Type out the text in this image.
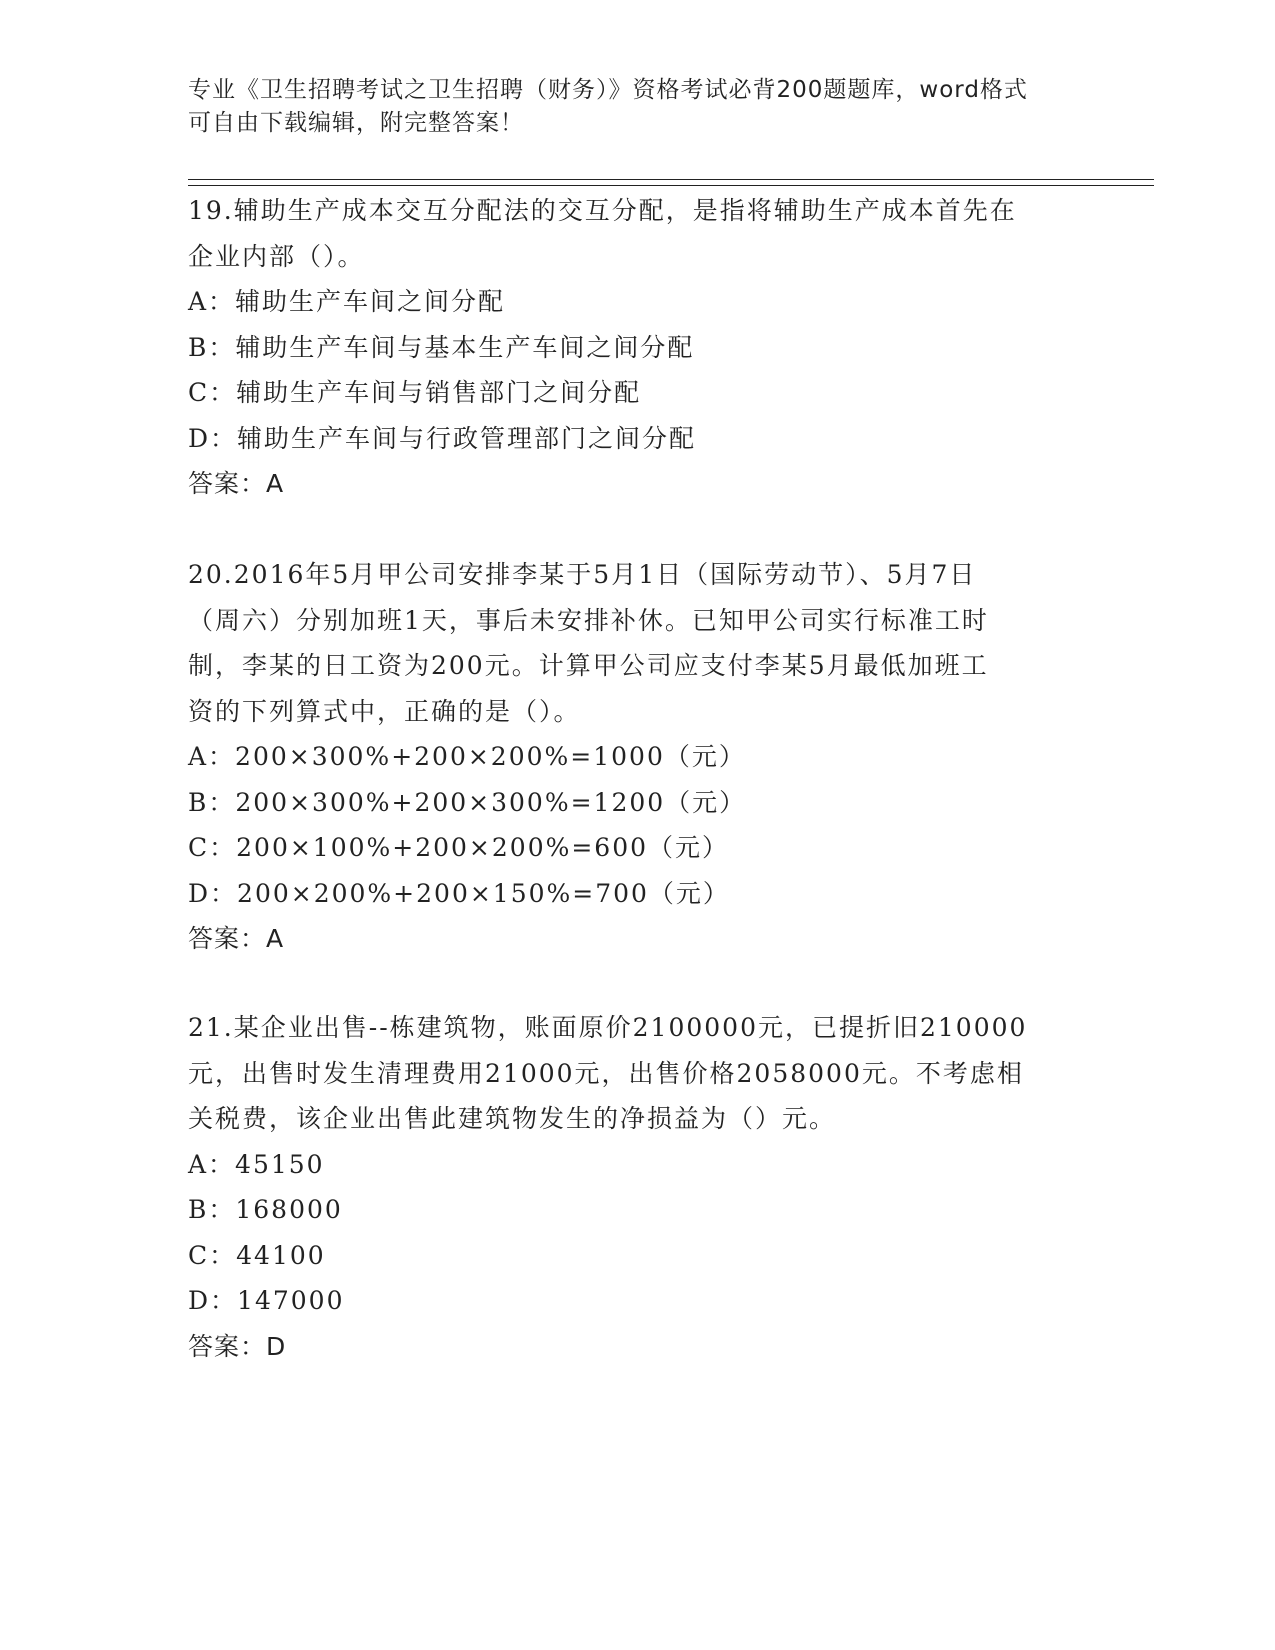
专业《卫生招聘考试之卫生招聘（财务）》资格考试必背200题题库，word格式
可自由下载编辑，附完整答案！
19.辅助生产成本交互分配法的交互分配，是指将辅助生产成本首先在
企业内部（）。
A：辅助生产车间之间分配
B：辅助生产车间与基本生产车间之间分配
C：辅助生产车间与销售部门之间分配
D：辅助生产车间与行政管理部门之间分配
答案：A
20.2016年5月甲公司安排李某于5月1日（国际劳动节）、5月7日
（周六）分别加班1天，事后未安排补休。已知甲公司实行标准工时
制，李某的日工资为200元。计算甲公司应支付李某5月最低加班工
资的下列算式中，正确的是（）。
A：200×300%+200×200%=1000（元）
B：200×300%+200×300%=1200（元）
C：200×100%+200×200%=600（元）
D：200×200%+200×150%=700（元）
答案：A
21.某企业出售--栋建筑物，账面原价2100000元，已提折旧210000
元，出售时发生清理费用21000元，出售价格2058000元。不考虑相
关税费，该企业出售此建筑物发生的净损益为（）元。
A：45150
B：168000
C：44100
D：147000
答案：D
